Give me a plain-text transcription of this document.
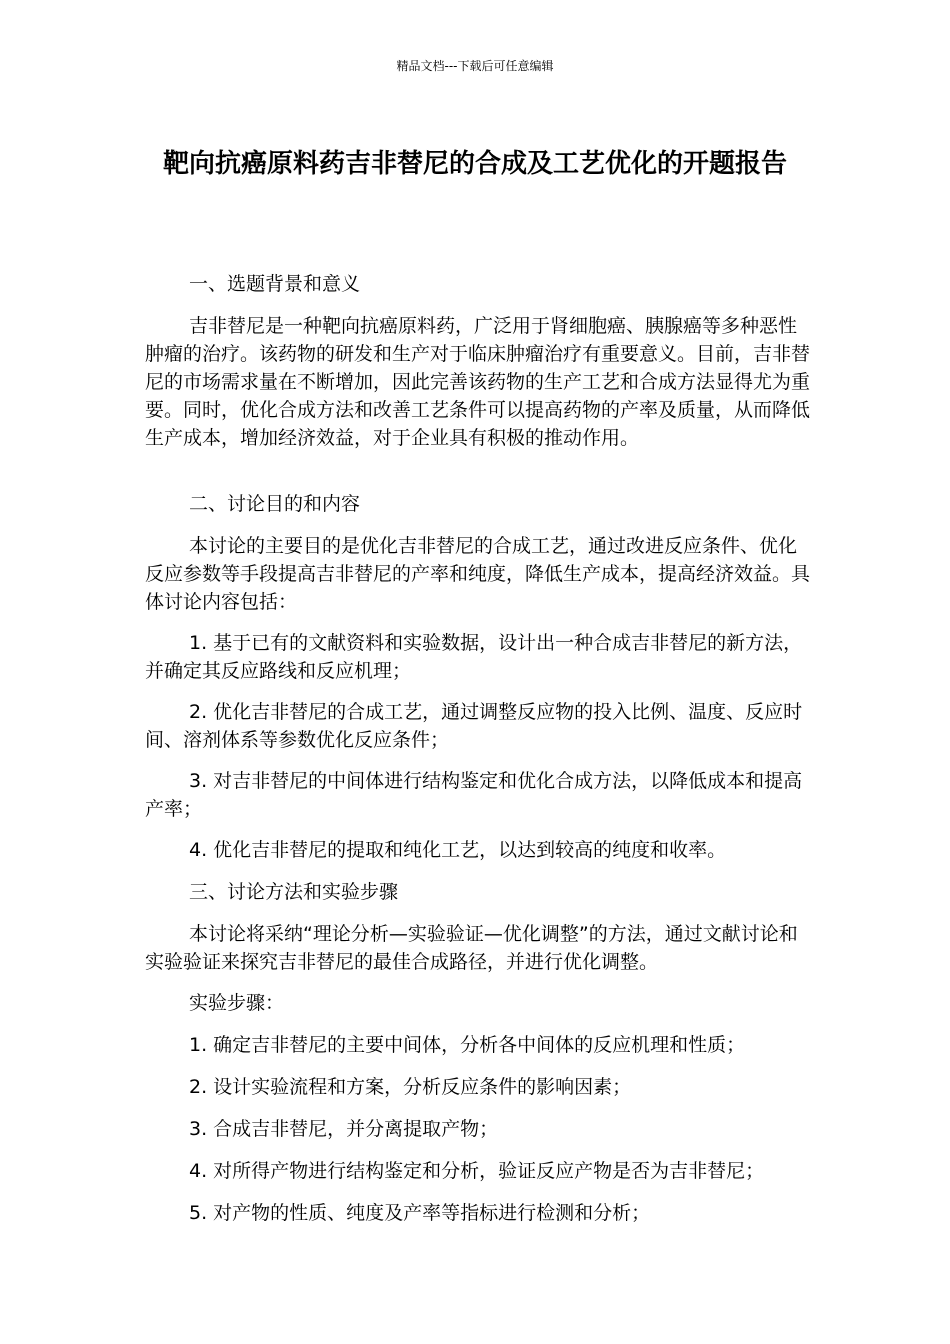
精品文档---下载后可任意编辑
靶向抗癌原料药吉非替尼的合成及工艺优化的开题报告

一、选题背景和意义

吉非替尼是一种靶向抗癌原料药，广泛用于肾细胞癌、胰腺癌等多种恶性肿瘤的治疗。该药物的研发和生产对于临床肿瘤治疗有重要意义。目前，吉非替尼的市场需求量在不断增加，因此完善该药物的生产工艺和合成方法显得尤为重要。同时，优化合成方法和改善工艺条件可以提高药物的产率及质量，从而降低生产成本，增加经济效益，对于企业具有积极的推动作用。

二、讨论目的和内容

本讨论的主要目的是优化吉非替尼的合成工艺，通过改进反应条件、优化反应参数等手段提高吉非替尼的产率和纯度，降低生产成本，提高经济效益。具体讨论内容包括：

1. 基于已有的文献资料和实验数据，设计出一种合成吉非替尼的新方法，并确定其反应路线和反应机理；

2. 优化吉非替尼的合成工艺，通过调整反应物的投入比例、温度、反应时间、溶剂体系等参数优化反应条件；

3. 对吉非替尼的中间体进行结构鉴定和优化合成方法，以降低成本和提高产率；

4. 优化吉非替尼的提取和纯化工艺，以达到较高的纯度和收率。

三、讨论方法和实验步骤

本讨论将采纳“理论分析—实验验证—优化调整”的方法，通过文献讨论和实验验证来探究吉非替尼的最佳合成路径，并进行优化调整。

实验步骤：

1. 确定吉非替尼的主要中间体，分析各中间体的反应机理和性质；

2. 设计实验流程和方案，分析反应条件的影响因素；

3. 合成吉非替尼，并分离提取产物；

4. 对所得产物进行结构鉴定和分析，验证反应产物是否为吉非替尼；

5. 对产物的性质、纯度及产率等指标进行检测和分析；
